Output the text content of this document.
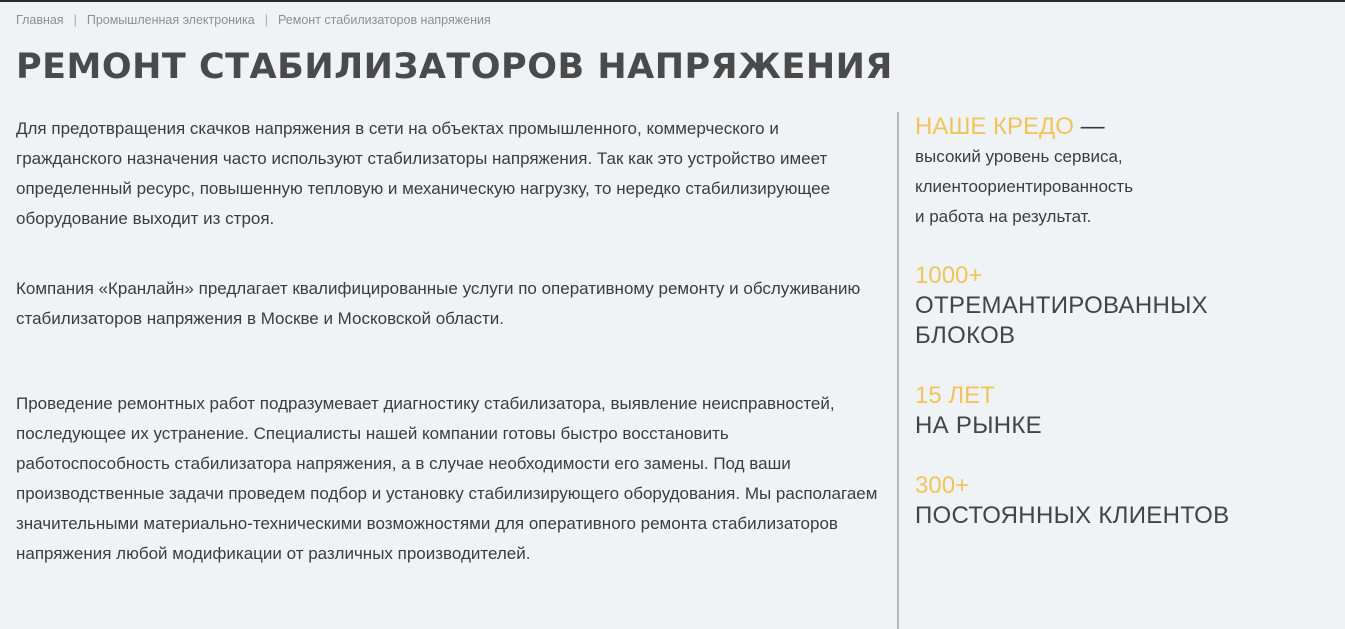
Главная | Промышленная электроника | Ремонт стабилизаторов напряжения
РЕМОНТ СТАБИЛИЗАТОРОВ НАПРЯЖЕНИЯ

Для предотвращения скачков напряжения в сети на объектах промышленного, коммерческого и гражданского назначения часто используют стабилизаторы напряжения. Так как это устройство имеет определенный ресурс, повышенную тепловую и механическую нагрузку, то нередко стабилизирующее оборудование выходит из строя.

Компания «Кранлайн» предлагает квалифицированные услуги по оперативному ремонту и обслуживанию стабилизаторов напряжения в Москве и Московской области.

Проведение ремонтных работ подразумевает диагностику стабилизатора, выявление неисправностей, последующее их устранение. Специалисты нашей компании готовы быстро восстановить работоспособность стабилизатора напряжения, а в случае необходимости его замены. Под ваши производственные задачи проведем подбор и установку стабилизирующего оборудования. Мы располагаем значительными материально-техническими возможностями для оперативного ремонта стабилизаторов напряжения любой модификации от различных производителей.

НАШЕ КРЕДО —
высокий уровень сервиса,
клиентоориентированность
и работа на результат.
1000+
ОТРЕМАНТИРОВАННЫХ
БЛОКОВ
15 ЛЕТ
НА РЫНКЕ
300+
ПОСТОЯННЫХ КЛИЕНТОВ
